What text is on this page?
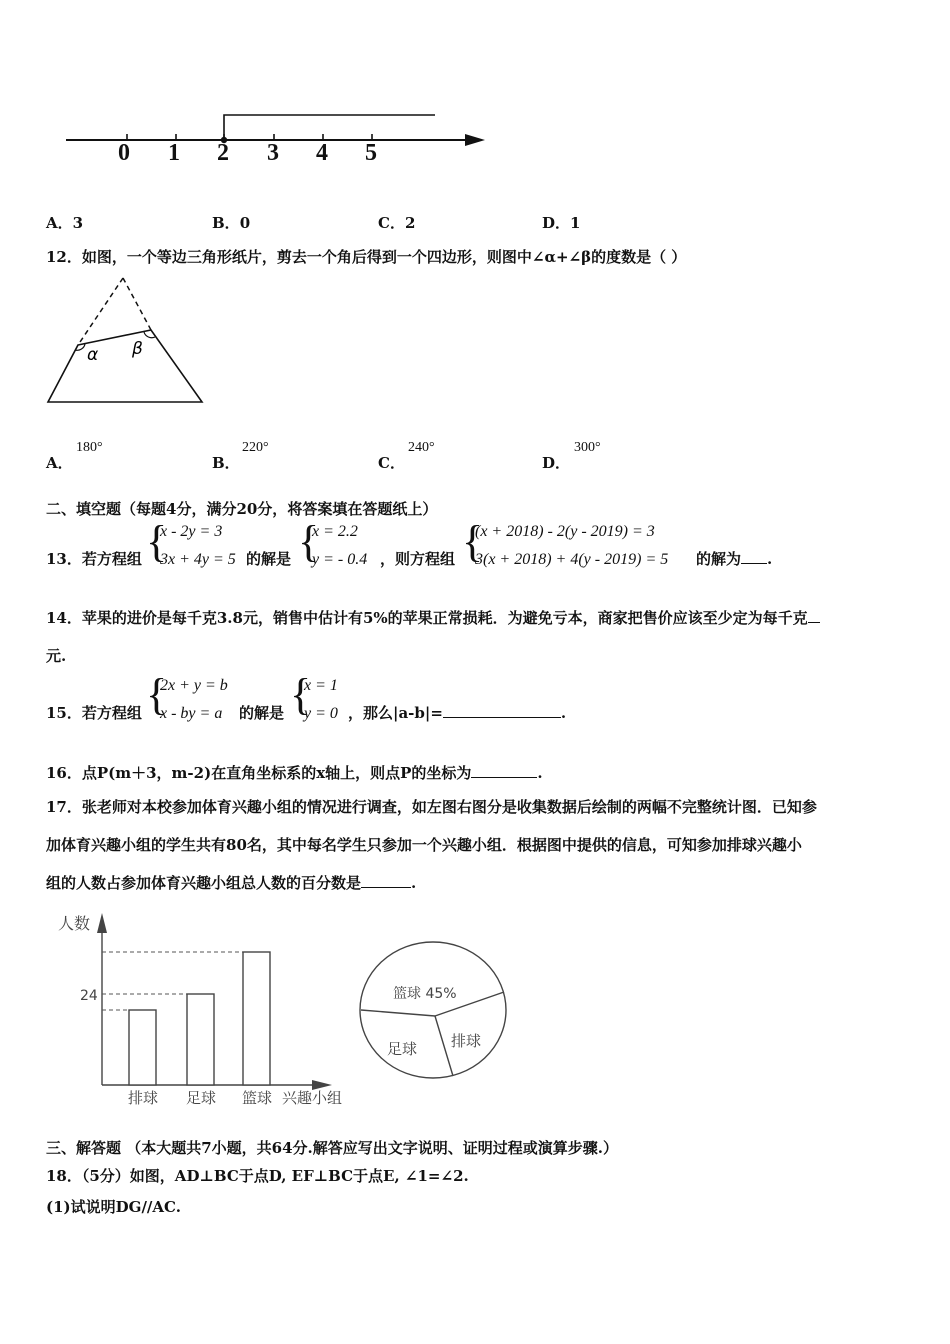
0 1 2 3 4 5
A．3	B．0	C．2	D．1
12．如图，一个等边三角形纸片，剪去一个角后得到一个四边形，则图中∠α+∠β的度数是（ ）
α β
A．
180°
B．
220°
C．
240°
D．
300°
二、填空题（每题4分，满分20分，将答案填在答题纸上）
13．若方程组 {
x - 2y = 3
3x + 4y = 5 的解是 {
x = 2.2
y = - 0.4 ，则方程组 {
(x + 2018) - 2(y - 2019) = 3
3(x + 2018) + 4(y - 2019) = 5 的解为 .
14．苹果的进价是每千克3.8元，销售中估计有5%的苹果正常损耗．为避免亏本，商家把售价应该至少定为每千克
元.
15．若方程组 {
2x + y = b
x - by = a 的解是 {
x = 1
y = 0 ，那么|a-b|=	.
16．点P(m＋3，m-2)在直角坐标系的x轴上，则点P的坐标为	.
17．张老师对本校参加体育兴趣小组的情况进行调查，如左图右图分是收集数据后绘制的两幅不完整统计图．已知参
加体育兴趣小组的学生共有80名，其中每名学生只参加一个兴趣小组．根据图中提供的信息，可知参加排球兴趣小
组的人数占参加体育兴趣小组总人数的百分数是	.
人数
24
排球 足球 篮球 兴趣小组
篮球 45%
足球 排球
三、解答题 （本大题共7小题，共64分.解答应写出文字说明、证明过程或演算步骤.）
18．（5分）如图，AD⊥BC于点D, EF⊥BC于点E, ∠1=∠2.
(1)试说明DG//AC.
